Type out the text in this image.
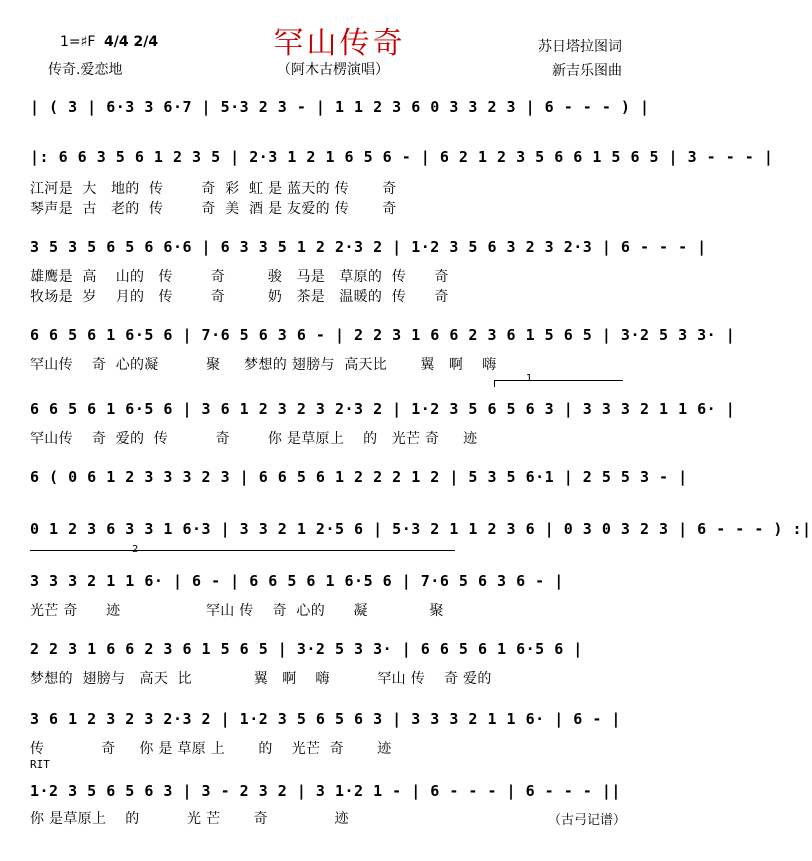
1=♯F 4/4 2/4	罕山传奇
（阿木古楞演唱）
传奇.爱恋地
苏日塔拉图词
新吉乐图曲
| ( 3 | 6·3 3 6·7 | 5·3 2 3 - | 1 1 2 3 6 0 3 3 2 3 | 6 - - - ) |
|: 6 6 3 5 6 1 2 3 5 | 2·3 1 2 1 6 5 6 - | 6 2 1 2 3 5 6 6 1 5 6 5 | 3 - - - |
江河是  大   地的  传        奇  彩  虹 是 蓝天的 传       奇
琴声是  古   老的  传        奇  美  酒 是 友爱的 传       奇
3 5 3 5 6 5 6 6·6 | 6 3 3 5 1 2 2·3 2 | 1·2 3 5 6 3 2 3 2·3 | 6 - - - |
雄鹰是  高    山的   传        奇         骏   马是   草原的  传      奇
牧场是  岁    月的   传        奇         奶   茶是   温暖的  传      奇
6 6 5 6 1 6·5 6 | 7·6 5 6 3 6 - | 2 2 3 1 6 6 2 3 6 1 5 6 5 | 3·2 5 3 3· |
罕山传    奇  心的凝          聚     梦想的 翅膀与  高天比       翼   啊    嗨
1
6 6 5 6 1 6·5 6 | 3 6 1 2 3 2 3 2·3 2 | 1·2 3 5 6 5 6 3 | 3 3 3 2 1 1 6· |
罕山传    奇  爱的  传          奇        你 是草原上    的   光芒 奇     迹
6 ( 0 6 1 2 3 3 3 2 3 | 6 6 5 6 1 2 2 2 1 2 | 5 3 5 6·1 | 2 5 5 3 - |
0 1 2 3 6 3 3 1 6·3 | 3 3 2 1 2·5 6 | 5·3 2 1 1 2 3 6 | 0 3 0 3 2 3 | 6 - - - ) :|
2
3 3 3 2 1 1 6· | 6 - | 6 6 5 6 1 6·5 6 | 7·6 5 6 3 6 - |
光芒 奇      迹                  罕山 传    奇  心的      凝             聚
2 2 3 1 6 6 2 3 6 1 5 6 5 | 3·2 5 3 3· | 6 6 5 6 1 6·5 6 |
梦想的  翅膀与   高天  比             翼   啊    嗨          罕山 传    奇 爱的
3 6 1 2 3 2 3 2·3 2 | 1·2 3 5 6 5 6 3 | 3 3 3 2 1 1 6· | 6 - |
传            奇     你 是 草原 上       的    光芒  奇       迹
RIT
1·2 3 5 6 5 6 3 | 3 - 2 3 2 | 3 1·2 1 - | 6 - - - | 6 - - - ||
你 是草原上    的          光 芒       奇              迹	（古弓记谱）
